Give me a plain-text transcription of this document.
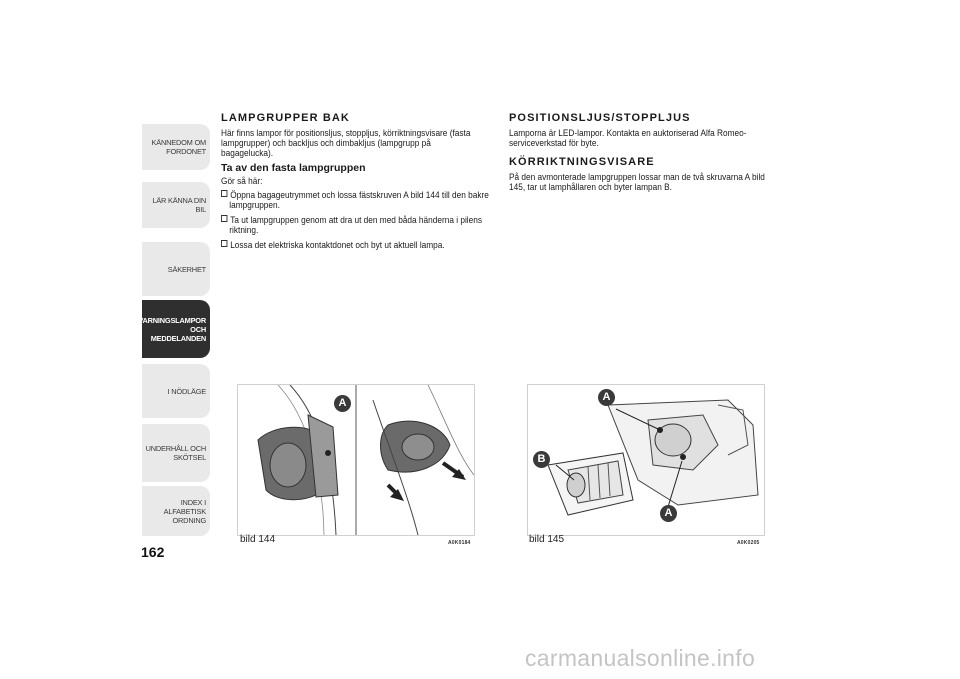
KÄNNEDOM OM
FORDONET
LÄR KÄNNA DIN BIL
SÄKERHET
VARNINGSLAMPOR
OCH
MEDDELANDEN
I NÖDLÄGE
UNDERHÅLL OCH
SKÖTSEL
INDEX I ALFABETISK
ORDNING
162
LAMPGRUPPER BAK
Här finns lampor för positionsljus, stoppljus, körriktningsvisare (fasta lampgrupper) och backljus och dimbakljus (lampgrupp på bagagelucka).
Ta av den fasta lampgruppen
Gör så här:
Öppna bagageutrymmet och lossa fästskruven A bild 144 till den bakre lampgruppen.
Ta ut lampgruppen genom att dra ut den med båda händerna i pilens riktning.
Lossa det elektriska kontaktdonet och byt ut aktuell lampa.
POSITIONSLJUS/STOPPLJUS
Lamporna är LED-lampor. Kontakta en auktoriserad Alfa Romeo-serviceverkstad för byte.
KÖRRIKTNINGSVISARE
På den avmonterade lampgruppen lossar man de två skruvarna A bild 145, tar ut lamphållaren och byter lampan B.
A
bild 144	A0K0184
A
B
A
bild 145	A0K0205
carmanualsonline.info
